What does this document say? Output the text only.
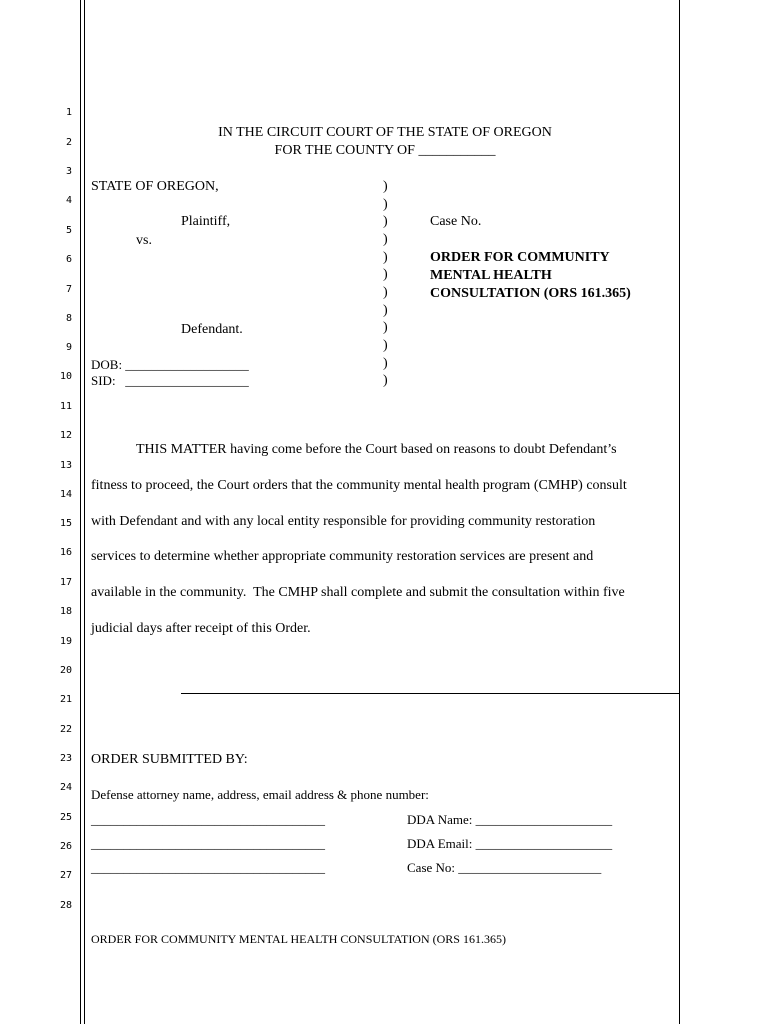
1
2
3
4
5
6
7
8
9
10
11
12
13
14
15
16
17
18
19
20
21
22
23
24
25
26
27
28
IN THE CIRCUIT COURT OF THE STATE OF OREGON
FOR THE COUNTY OF ___________
STATE OF OREGON,
Plaintiff,
vs.
Defendant.
DOB: ___________________
SID:   ___________________
)
)
)
)
)
)
)
)
)
)
)
)
Case No.
ORDER FOR COMMUNITY
MENTAL HEALTH
CONSULTATION (ORS 161.365)
THIS MATTER having come before the Court based on reasons to doubt Defendant’s
fitness to proceed, the Court orders that the community mental health program (CMHP) consult
with Defendant and with any local entity responsible for providing community restoration
services to determine whether appropriate community restoration services are present and
available in the community.  The CMHP shall complete and submit the consultation within five
judicial days after receipt of this Order.
ORDER SUBMITTED BY:
Defense attorney name, address, email address & phone number:
____________________________________
____________________________________
____________________________________
DDA Name: _____________________
DDA Email: _____________________
Case No: ______________________
ORDER FOR COMMUNITY MENTAL HEALTH CONSULTATION (ORS 161.365)
